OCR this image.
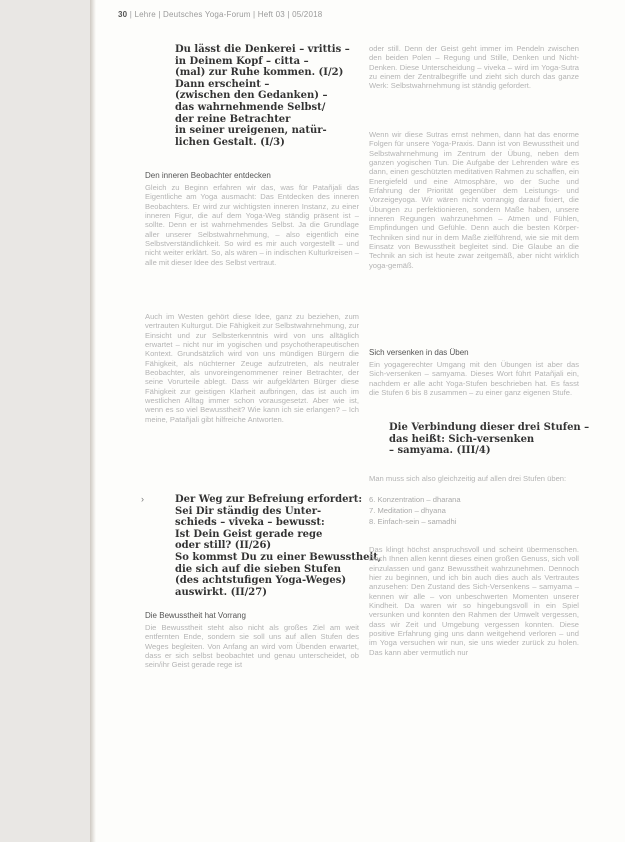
30 | Lehre | Deutsches Yoga-Forum | Heft 03 | 05/2018
Du lässt die Denkerei – vrittis –
in Deinem Kopf – citta –
(mal) zur Ruhe kommen. (I/2)
Dann erscheint –
(zwischen den Gedanken) –
das wahrnehmende Selbst/
der reine Betrachter
in seiner ureigenen, natür-
lichen Gestalt. (I/3)

Den inneren Beobachter entdecken

Gleich zu Beginn erfahren wir das, was für Patañjali das Eigentliche am Yoga ausmacht: Das Entdecken des inneren Beobachters. Er wird zur wichtigsten inneren Instanz, zu einer inneren Figur, die auf dem Yoga-Weg ständig präsent ist – sollte. Denn er ist wahrnehmendes Selbst. Ja die Grundlage aller unserer Selbstwahrnehmung, – also eigentlich eine Selbstverständlichkeit. So wird es mir auch vorgestellt – und nicht weiter erklärt. So, als wären – in indischen Kulturkreisen – alle mit dieser Idee des Selbst vertraut.

Auch im Westen gehört diese Idee, ganz zu beziehen, zum vertrauten Kulturgut. Die Fähigkeit zur Selbstwahrnehmung, zur Einsicht und zur Selbsterkenntnis wird von uns alltäglich erwartet – nicht nur im yogischen und psychotherapeutischen Kontext. Grundsätzlich wird von uns mündigen Bürgern die Fähigkeit, als nüchterner Zeuge aufzutreten, als neutraler Beobachter, als unvoreingenommener reiner Betrachter, der seine Vorurteile ablegt. Dass wir aufgeklärten Bürger diese Fähigkeit zur geistigen Klarheit aufbringen, das ist auch im westlichen Alltag immer schon vorausgesetzt. Aber wie ist, wenn es so viel Bewusstheit? Wie kann ich sie erlangen? – Ich meine, Patañjali gibt hilfreiche Antworten.

›	Der Weg zur Befreiung erfordert:
Sei Dir ständig des Unter-
schieds – viveka – bewusst:
Ist Dein Geist gerade rege
oder still? (II/26)
So kommst Du zu einer Bewusstheit,
die sich auf die sieben Stufen
(des achtstufigen Yoga-Weges)
auswirkt. (II/27)

Die Bewusstheit hat Vorrang

Die Bewusstheit steht also nicht als großes Ziel am weit entfernten Ende, sondern sie soll uns auf allen Stufen des Weges begleiten. Von Anfang an wird vom Übenden erwartet, dass er sich selbst beobachtet und genau unterscheidet, ob sein/ihr Geist gerade rege ist

oder still. Denn der Geist geht immer im Pendeln zwischen den beiden Polen – Regung und Stille, Denken und Nicht-Denken. Diese Unterscheidung – viveka – wird im Yoga-Sutra zu einem der Zentralbegriffe und zieht sich durch das ganze Werk: Selbstwahrnehmung ist ständig gefordert.

Wenn wir diese Sutras ernst nehmen, dann hat das enorme Folgen für unsere Yoga-Praxis. Dann ist von Bewusstheit und Selbstwahrnehmung im Zentrum der Übung, neben dem ganzen yogischen Tun. Die Aufgabe der Lehrenden wäre es dann, einen geschützten meditativen Rahmen zu schaffen, ein Energiefeld und eine Atmosphäre, wo der Suche und Erfahrung der Priorität gegenüber dem Leistungs- und Vorzeigeyoga. Wir wären nicht vorrangig darauf fixiert, die Übungen zu perfektionieren, sondern Maße haben, unsere inneren Regungen wahrzunehmen – Atmen und Fühlen, Empfindungen und Gefühle. Denn auch die besten Körper-Techniken sind nur in dem Maße zielführend, wie sie mit dem Einsatz von Bewusstheit begleitet sind. Die Glaube an die Technik an sich ist heute zwar zeitgemäß, aber nicht wirklich yoga-gemäß.

Sich versenken in das Üben

Ein yogagerechter Umgang mit den Übungen ist aber das Sich-versenken – samyama. Dieses Wort führt Patañjali ein, nachdem er alle acht Yoga-Stufen beschrieben hat. Es fasst die Stufen 6 bis 8 zusammen – zu einer ganz eigenen Stufe.

Die Verbindung dieser drei Stufen –
das heißt: Sich-versenken
– samyama. (III/4)

Man muss sich also gleichzeitig auf allen drei Stufen üben:

6. Konzentration – dharana
7. Meditation – dhyana
8. Einfach-sein – samadhi

Das klingt höchst anspruchsvoll und scheint übermenschen. Doch Ihnen allen kennt dieses einen großen Genuss, sich voll einzulassen und ganz Bewusstheit wahrzunehmen. Dennoch hier zu beginnen, und ich bin auch dies auch als Vertrautes anzusehen: Den Zustand des Sich-Versenkens – samyama – kennen wir alle – von unbeschwerten Momenten unserer Kindheit. Da waren wir so hingebungsvoll in ein Spiel versunken und konnten den Rahmen der Umwelt vergessen, dass wir Zeit und Umgebung vergessen konnten. Diese positive Erfahrung ging uns dann weitgehend verloren – und im Yoga versuchen wir nun, sie uns wieder zurück zu holen. Das kann aber vermutlich nur
